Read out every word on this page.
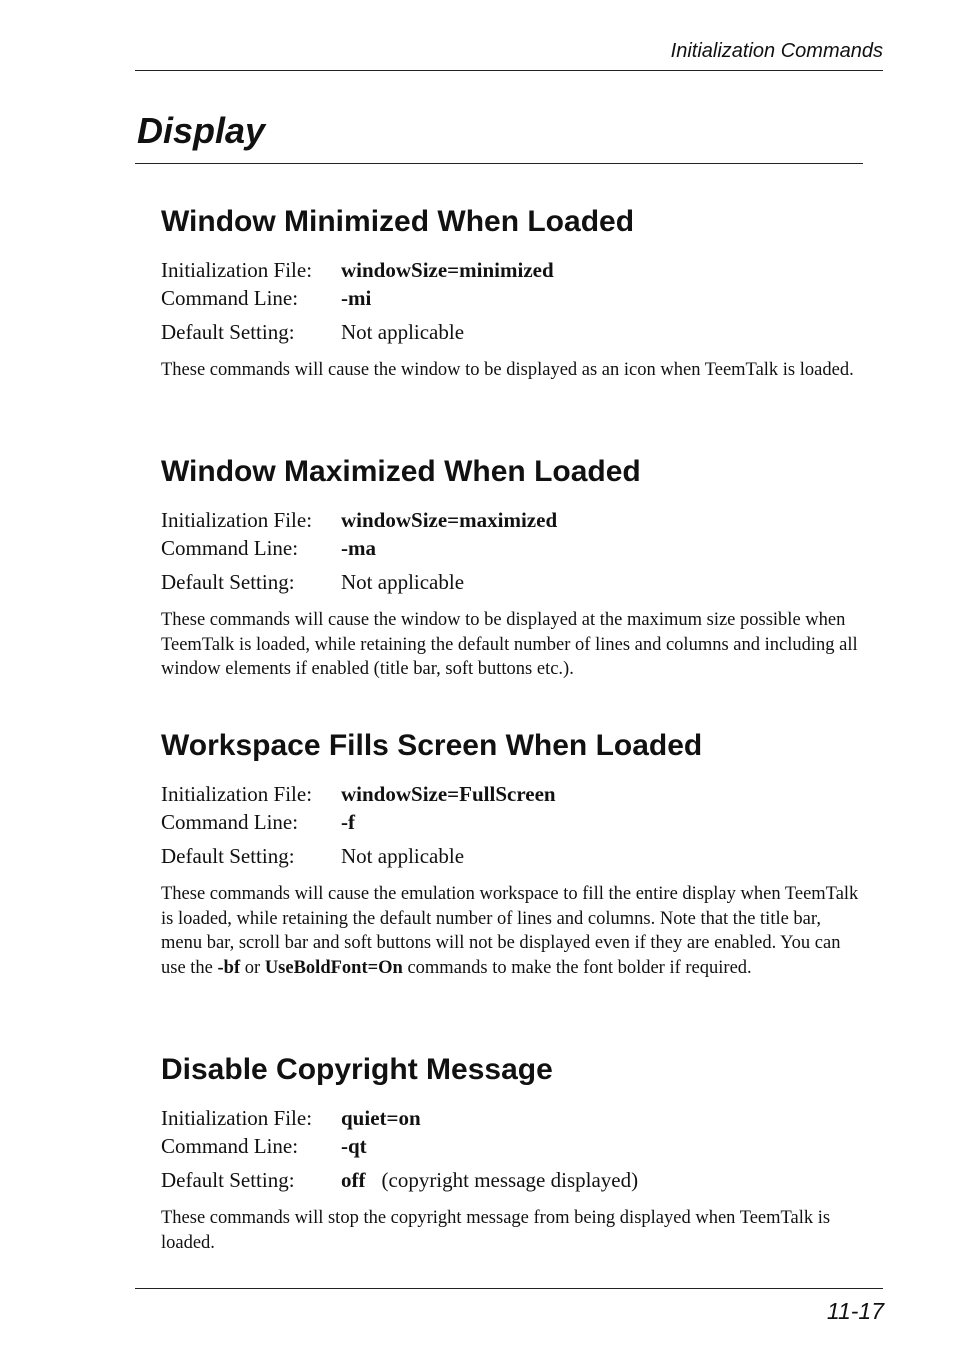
Initialization Commands
Display
Window Minimized When Loaded
Initialization File:	windowSize=minimized
Command Line:	-mi
Default Setting:	Not applicable

These commands will cause the window to be displayed as an icon when TeemTalk is loaded.

Window Maximized When Loaded
Initialization File:	windowSize=maximized
Command Line:	-ma
Default Setting:	Not applicable

These commands will cause the window to be displayed at the maximum size possible when TeemTalk is loaded, while retaining the default number of lines and columns and including all window elements if enabled (title bar, soft buttons etc.).

Workspace Fills Screen When Loaded
Initialization File:	windowSize=FullScreen
Command Line:	-f
Default Setting:	Not applicable

These commands will cause the emulation workspace to fill the entire display when TeemTalk is loaded, while retaining the default number of lines and columns. Note that the title bar, menu bar, scroll bar and soft buttons will not be displayed even if they are enabled. You can use the -bf or UseBoldFont=On commands to make the font bolder if required.

Disable Copyright Message
Initialization File:	quiet=on
Command Line:	-qt
Default Setting:	off (copyright message displayed)

These commands will stop the copyright message from being displayed when TeemTalk is loaded.

11-17
